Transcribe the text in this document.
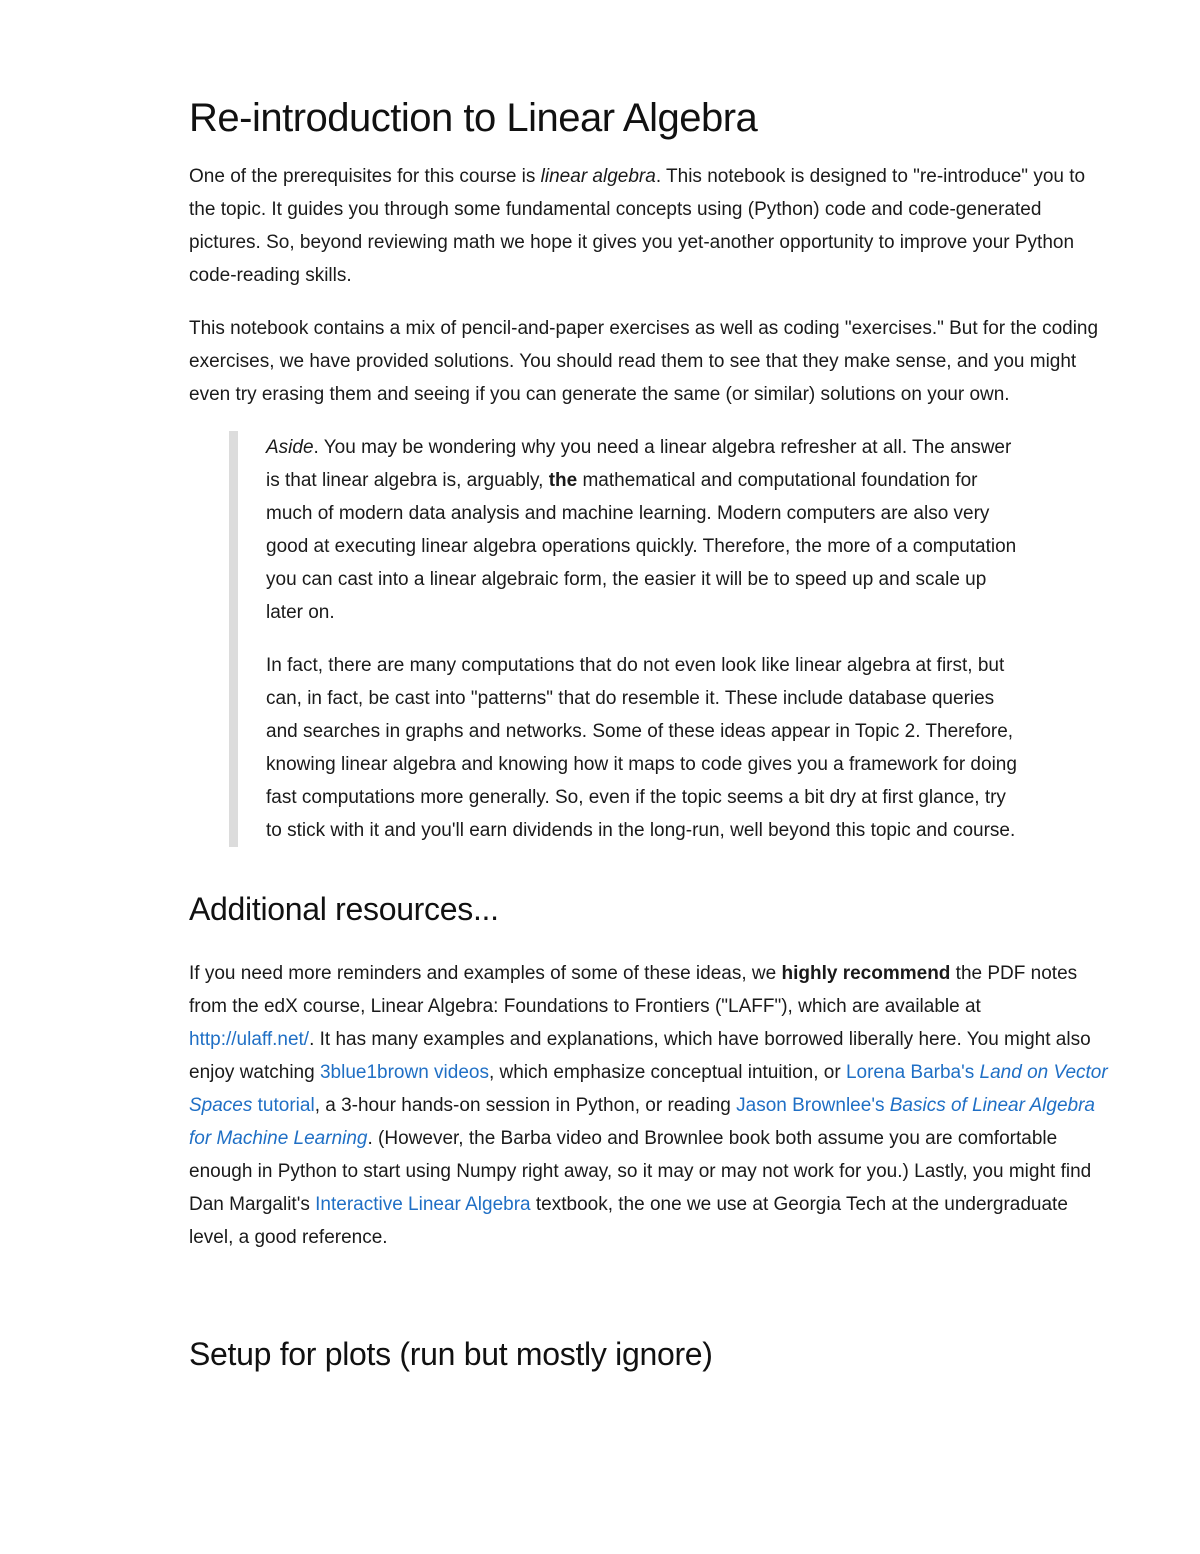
Re-introduction to Linear Algebra

One of the prerequisites for this course is linear algebra. This notebook is designed to "re-introduce" you to the topic. It guides you through some fundamental concepts using (Python) code and code-generated pictures. So, beyond reviewing math we hope it gives you yet-another opportunity to improve your Python code-reading skills.

This notebook contains a mix of pencil-and-paper exercises as well as coding "exercises." But for the coding exercises, we have provided solutions. You should read them to see that they make sense, and you might even try erasing them and seeing if you can generate the same (or similar) solutions on your own.

Aside. You may be wondering why you need a linear algebra refresher at all. The answer is that linear algebra is, arguably, the mathematical and computational foundation for much of modern data analysis and machine learning. Modern computers are also very good at executing linear algebra operations quickly. Therefore, the more of a computation you can cast into a linear algebraic form, the easier it will be to speed up and scale up later on.

In fact, there are many computations that do not even look like linear algebra at first, but can, in fact, be cast into "patterns" that do resemble it. These include database queries and searches in graphs and networks. Some of these ideas appear in Topic 2. Therefore, knowing linear algebra and knowing how it maps to code gives you a framework for doing fast computations more generally. So, even if the topic seems a bit dry at first glance, try to stick with it and you'll earn dividends in the long-run, well beyond this topic and course.

Additional resources...

If you need more reminders and examples of some of these ideas, we highly recommend the PDF notes from the edX course, Linear Algebra: Foundations to Frontiers ("LAFF"), which are available at http://ulaff.net/. It has many examples and explanations, which have borrowed liberally here. You might also enjoy watching 3blue1brown videos, which emphasize conceptual intuition, or Lorena Barba's Land on Vector Spaces tutorial, a 3-hour hands-on session in Python, or reading Jason Brownlee's Basics of Linear Algebra for Machine Learning. (However, the Barba video and Brownlee book both assume you are comfortable enough in Python to start using Numpy right away, so it may or may not work for you.) Lastly, you might find Dan Margalit's Interactive Linear Algebra textbook, the one we use at Georgia Tech at the undergraduate level, a good reference.

Setup for plots (run but mostly ignore)
